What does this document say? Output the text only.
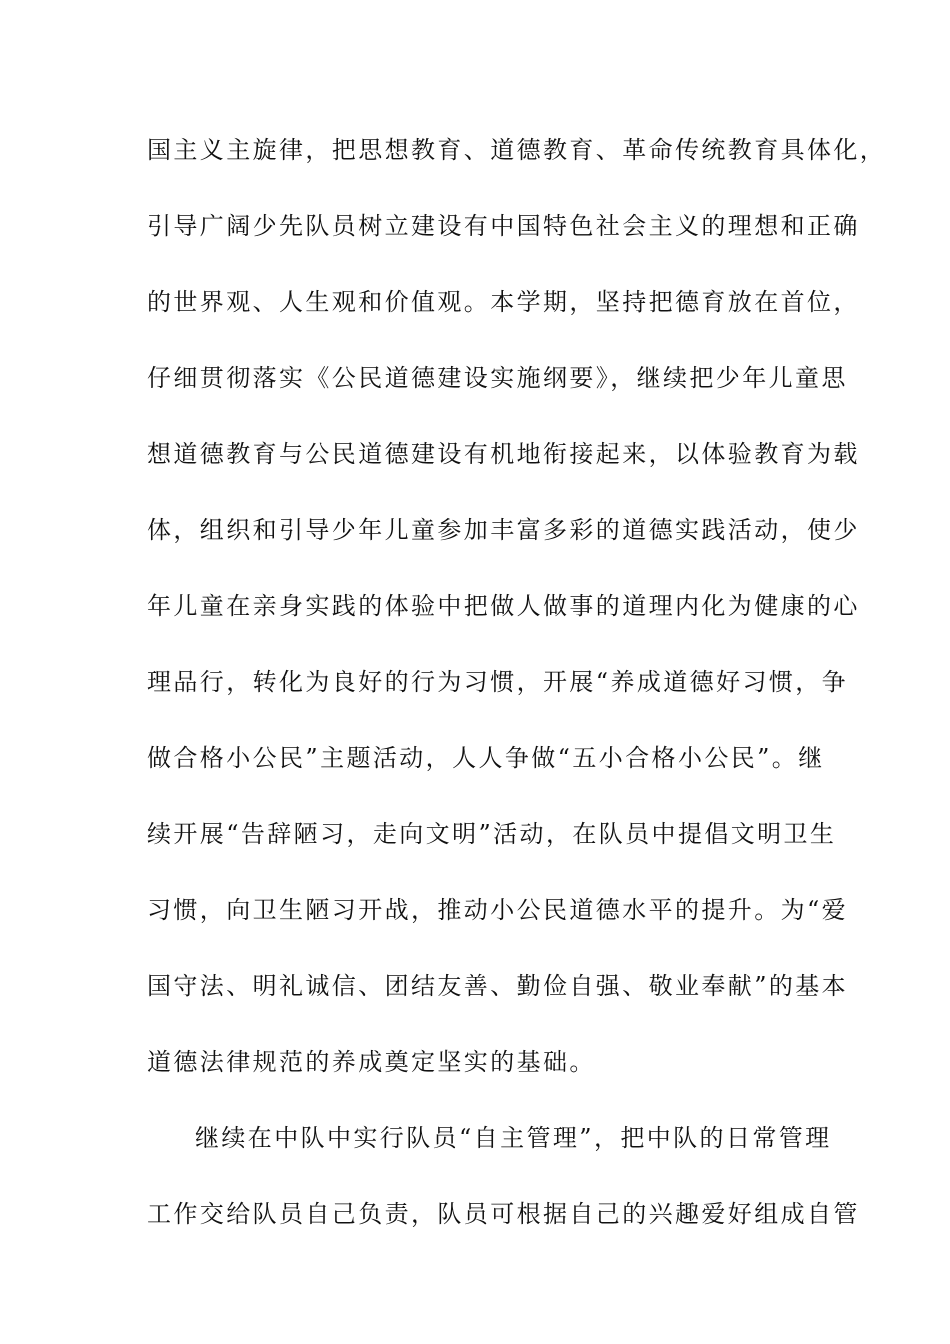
国主义主旋律，把思想教育、道德教育、革命传统教育具体化，
引导广阔少先队员树立建设有中国特色社会主义的理想和正确
的世界观、人生观和价值观。本学期，坚持把德育放在首位，
仔细贯彻落实《公民道德建设实施纲要》，继续把少年儿童思
想道德教育与公民道德建设有机地衔接起来，以体验教育为载
体，组织和引导少年儿童参加丰富多彩的道德实践活动，使少
年儿童在亲身实践的体验中把做人做事的道理内化为健康的心
理品行，转化为良好的行为习惯，开展“养成道德好习惯，争
做合格小公民”主题活动，人人争做“五小合格小公民”。继
续开展“告辞陋习，走向文明”活动，在队员中提倡文明卫生
习惯，向卫生陋习开战，推动小公民道德水平的提升。为“爱
国守法、明礼诚信、团结友善、勤俭自强、敬业奉献”的基本
道德法律规范的养成奠定坚实的基础。
继续在中队中实行队员“自主管理”，把中队的日常管理
工作交给队员自己负责，队员可根据自己的兴趣爱好组成自管
